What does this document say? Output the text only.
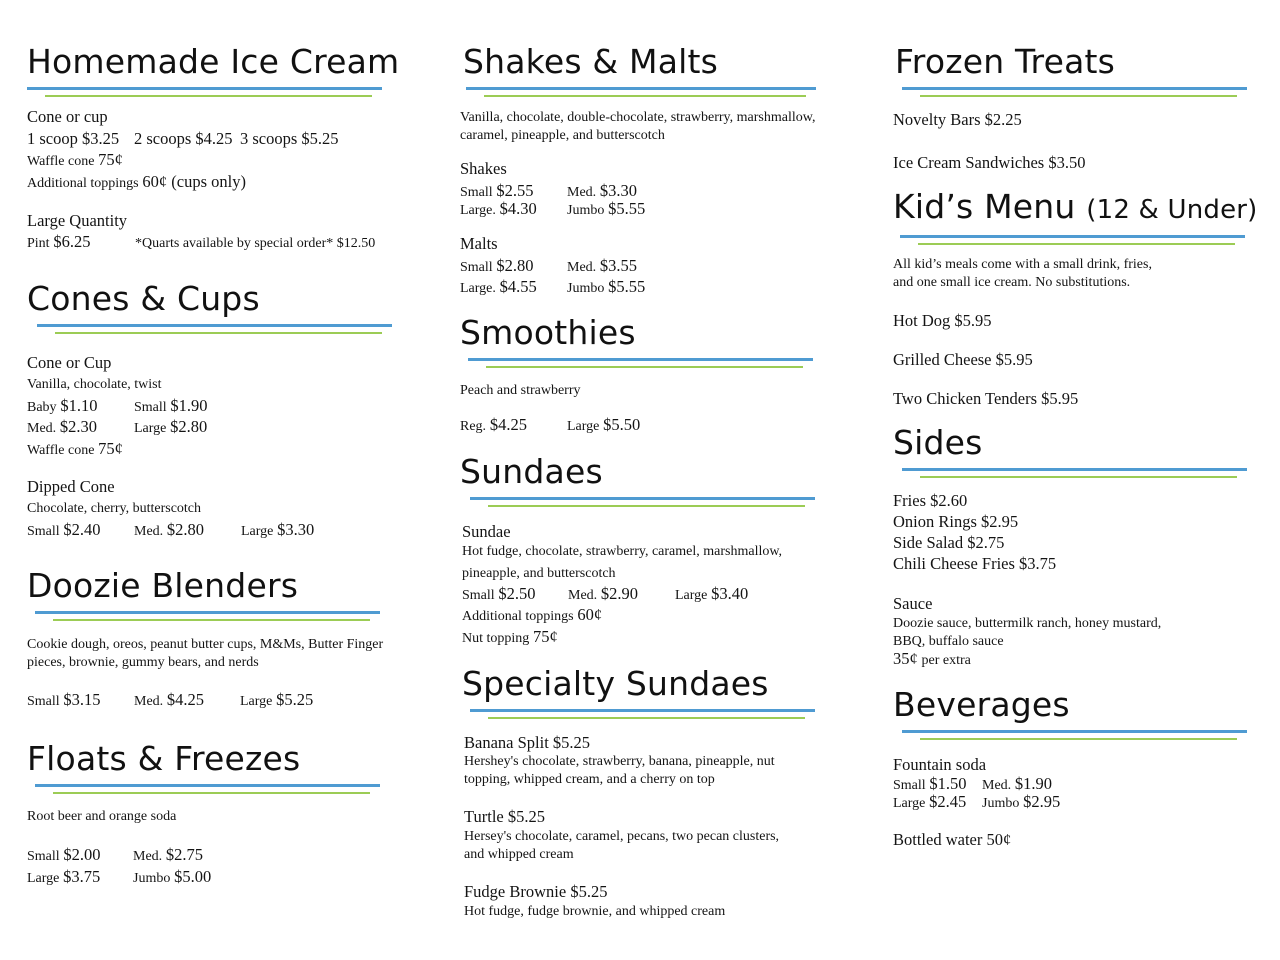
Homemade Ice Cream
Cone or cup
1 scoop $3.25 2 scoops $4.25 3 scoops $5.25
Waffle cone 75¢
Additional toppings 60¢ (cups only)
Large Quantity
Pint $6.25	*Quarts available by special order* $12.50
Cones & Cups
Cone or Cup
Vanilla, chocolate, twist
Baby $1.10	Small $1.90
Med. $2.30	Large $2.80
Waffle cone 75¢
Dipped Cone
Chocolate, cherry, butterscotch
Small $2.40 Med. $2.80	Large $3.30
Doozie Blenders
Cookie dough, oreos, peanut butter cups, M&Ms, Butter Finger
pieces, brownie, gummy bears, and nerds
Small $3.15 Med. $4.25	Large $5.25
Floats & Freezes
Root beer and orange soda
Small $2.00 Med. $2.75
Large $3.75 Jumbo $5.00
Shakes & Malts
Vanilla, chocolate, double-chocolate, strawberry, marshmallow,
caramel, pineapple, and butterscotch
Shakes
Small $2.55 Med. $3.30
Large. $4.30 Jumbo $5.55
Malts
Small $2.80 Med. $3.55
Large. $4.55 Jumbo $5.55
Smoothies
Peach and strawberry
Reg. $4.25	Large $5.50
Sundaes
Sundae
Hot fudge, chocolate, strawberry, caramel, marshmallow,
pineapple, and butterscotch
Small $2.50 Med. $2.90	Large $3.40
Additional toppings 60¢
Nut topping 75¢
Specialty Sundaes
Banana Split $5.25
Hershey's chocolate, strawberry, banana, pineapple, nut
topping, whipped cream, and a cherry on top
Turtle $5.25
Hersey's chocolate, caramel, pecans, two pecan clusters,
and whipped cream
Fudge Brownie $5.25
Hot fudge, fudge brownie, and whipped cream
Frozen Treats
Novelty Bars $2.25
Ice Cream Sandwiches $3.50
Kid’s Menu (12 & Under)
All kid’s meals come with a small drink, fries,
and one small ice cream. No substitutions.
Hot Dog $5.95
Grilled Cheese $5.95
Two Chicken Tenders $5.95
Sides
Fries $2.60
Onion Rings $2.95
Side Salad $2.75
Chili Cheese Fries $3.75
Sauce
Doozie sauce, buttermilk ranch, honey mustard,
BBQ, buffalo sauce
35¢ per extra
Beverages
Fountain soda
Small $1.50 Med. $1.90
Large $2.45 Jumbo $2.95
Bottled water 50¢
